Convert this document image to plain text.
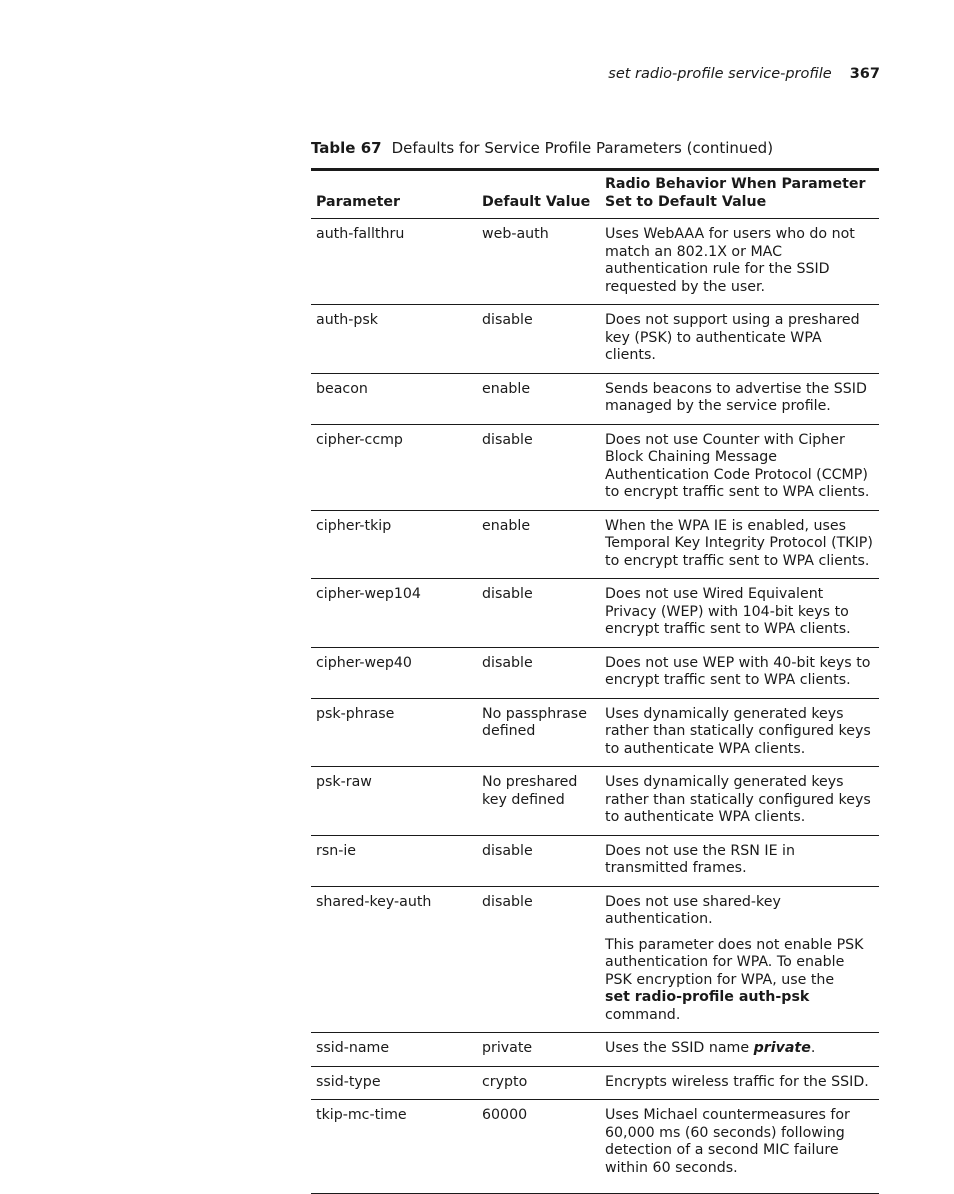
set radio-profile service-profile 367
Table 67 Defaults for Service Profile Parameters (continued)
Parameter	Default Value	Radio Behavior When Parameter Set to Default Value
auth-fallthru	web-auth	Uses WebAAA for users who do not match an 802.1X or MAC authentication rule for the SSID requested by the user.
auth-psk	disable	Does not support using a preshared key (PSK) to authenticate WPA clients.
beacon	enable	Sends beacons to advertise the SSID managed by the service profile.
cipher-ccmp	disable	Does not use Counter with Cipher Block Chaining Message Authentication Code Protocol (CCMP) to encrypt traffic sent to WPA clients.
cipher-tkip	enable	When the WPA IE is enabled, uses Temporal Key Integrity Protocol (TKIP) to encrypt traffic sent to WPA clients.
cipher-wep104	disable	Does not use Wired Equivalent Privacy (WEP) with 104-bit keys to encrypt traffic sent to WPA clients.
cipher-wep40	disable	Does not use WEP with 40-bit keys to encrypt traffic sent to WPA clients.
psk-phrase	No passphrase defined	Uses dynamically generated keys rather than statically configured keys to authenticate WPA clients.
psk-raw	No preshared key defined	Uses dynamically generated keys rather than statically configured keys to authenticate WPA clients.
rsn-ie	disable	Does not use the RSN IE in transmitted frames.
shared-key-auth	disable	Does not use shared-key authentication.
This parameter does not enable PSK authentication for WPA. To enable PSK encryption for WPA, use the
set radio-profile auth-psk command.

ssid-name	private	Uses the SSID name private.
ssid-type	crypto	Encrypts wireless traffic for the SSID.
tkip-mc-time	60000	Uses Michael countermeasures for 60,000 ms (60 seconds) following detection of a second MIC failure within 60 seconds.
